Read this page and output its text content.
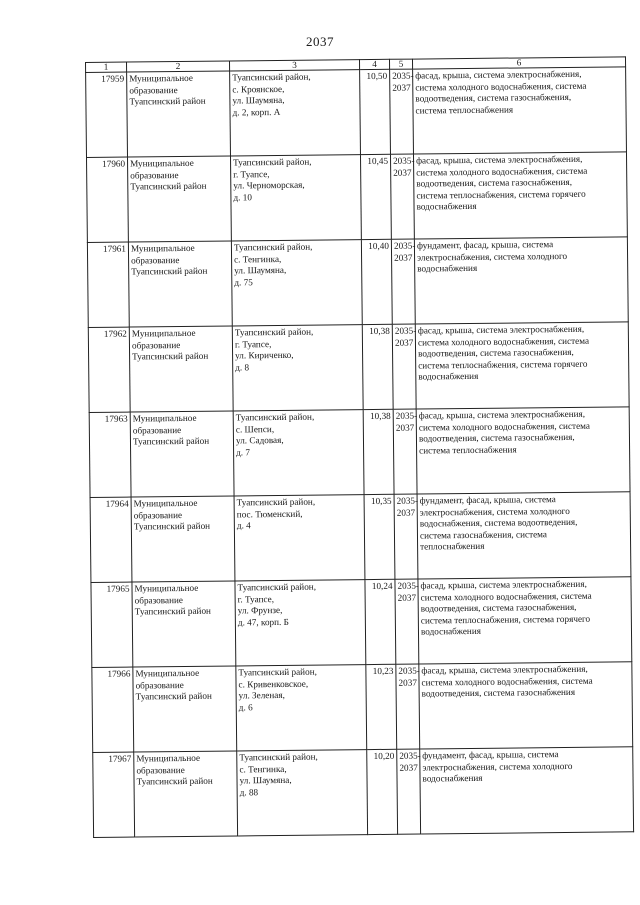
2037
1	2	3	4	5	6
17959	Муниципальное
образование
Туапсинский район	Туапсинский район,
с. Кроянское,
ул. Шаумяна,
д. 2, корп. А	10,50	2035-
2037	фасад, крыша, система электроснабжения,
система холодного водоснабжения, система
водоотведения, система газоснабжения,
система теплоснабжения
17960	Муниципальное
образование
Туапсинский район	Туапсинский район,
г. Туапсе,
ул. Черноморская,
д. 10	10,45	2035-
2037	фасад, крыша, система электроснабжения,
система холодного водоснабжения, система
водоотведения, система газоснабжения,
система теплоснабжения, система горячего
водоснабжения
17961	Муниципальное
образование
Туапсинский район	Туапсинский район,
с. Тенгинка,
ул. Шаумяна,
д. 75	10,40	2035-
2037	фундамент, фасад, крыша, система
электроснабжения, система холодного
водоснабжения
17962	Муниципальное
образование
Туапсинский район	Туапсинский район,
г. Туапсе,
ул. Кириченко,
д. 8	10,38	2035-
2037	фасад, крыша, система электроснабжения,
система холодного водоснабжения, система
водоотведения, система газоснабжения,
система теплоснабжения, система горячего
водоснабжения
17963	Муниципальное
образование
Туапсинский район	Туапсинский район,
с. Шепси,
ул. Садовая,
д. 7	10,38	2035-
2037	фасад, крыша, система электроснабжения,
система холодного водоснабжения, система
водоотведения, система газоснабжения,
система теплоснабжения
17964	Муниципальное
образование
Туапсинский район	Туапсинский район,
пос. Тюменский,
д. 4	10,35	2035-
2037	фундамент, фасад, крыша, система
электроснабжения, система холодного
водоснабжения, система водоотведения,
система газоснабжения, система
теплоснабжения
17965	Муниципальное
образование
Туапсинский район	Туапсинский район,
г. Туапсе,
ул. Фрунзе,
д. 47, корп. Б	10,24	2035-
2037	фасад, крыша, система электроснабжения,
система холодного водоснабжения, система
водоотведения, система газоснабжения,
система теплоснабжения, система горячего
водоснабжения
17966	Муниципальное
образование
Туапсинский район	Туапсинский район,
с. Кривенковское,
ул. Зеленая,
д. 6	10,23	2035-
2037	фасад, крыша, система электроснабжения,
система холодного водоснабжения, система
водоотведения, система газоснабжения
17967	Муниципальное
образование
Туапсинский район	Туапсинский район,
с. Тенгинка,
ул. Шаумяна,
д. 88	10,20	2035-
2037	фундамент, фасад, крыша, система
электроснабжения, система холодного
водоснабжения
